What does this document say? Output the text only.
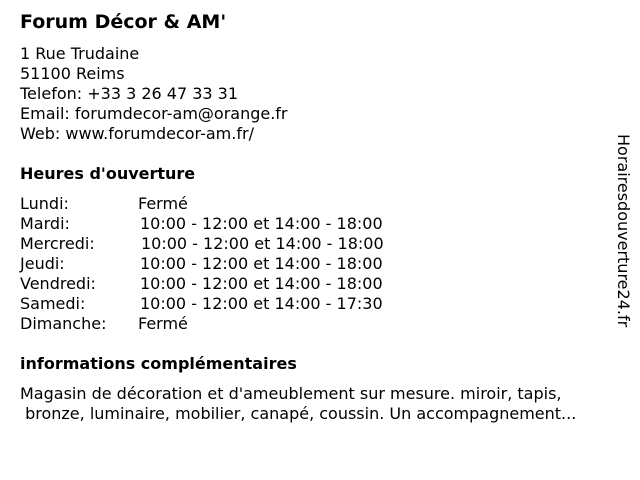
Forum Décor & AM'
1 Rue Trudaine
51100 Reims
Telefon: +33 3 26 47 33 31
Email: forumdecor-am@orange.fr
Web: www.forumdecor-am.fr/
Heures d'ouverture
Lundi:	Fermé
Mardi:	10:00 - 12:00 et 14:00 - 18:00
Mercredi:	10:00 - 12:00 et 14:00 - 18:00
Jeudi:	10:00 - 12:00 et 14:00 - 18:00
Vendredi:	10:00 - 12:00 et 14:00 - 18:00
Samedi:	10:00 - 12:00 et 14:00 - 17:30
Dimanche: Fermé
informations complémentaires
Magasin de décoration et d'ameublement sur mesure. miroir, tapis,
bronze, luminaire, mobilier, canapé, coussin. Un accompagnement...
Horairesdouverture24.fr
